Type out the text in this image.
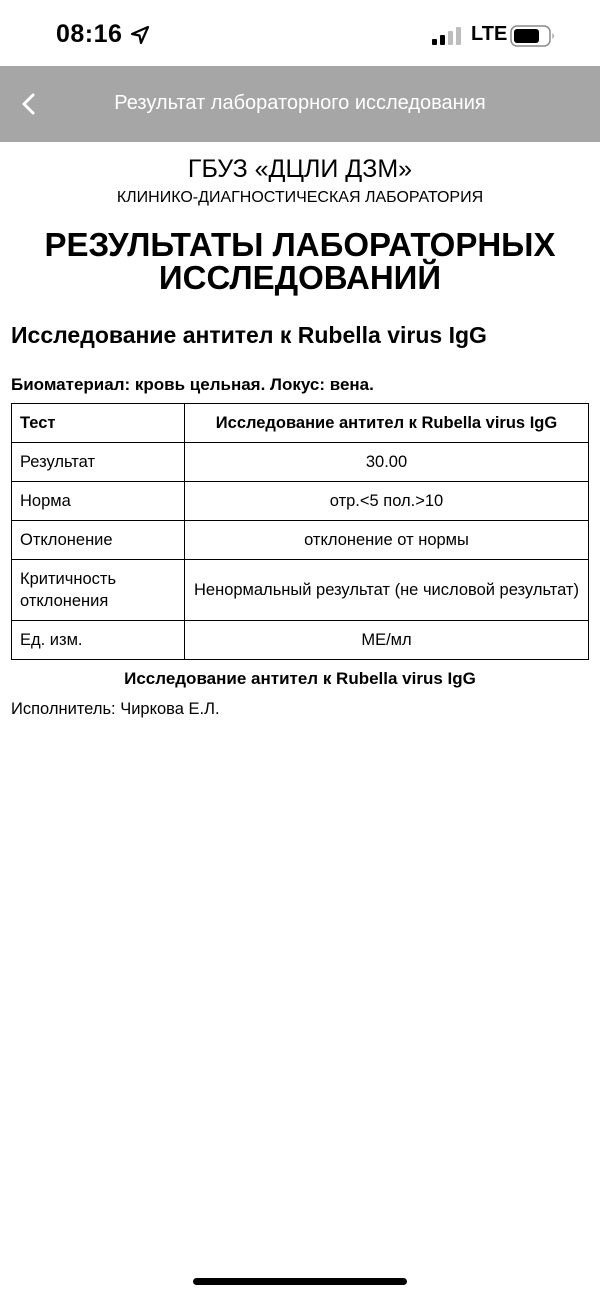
08:16	LTE
Результат лабораторного исследования
ГБУЗ «ДЦЛИ ДЗМ»
КЛИНИКО-ДИАГНОСТИЧЕСКАЯ ЛАБОРАТОРИЯ
РЕЗУЛЬТАТЫ ЛАБОРАТОРНЫХ
ИССЛЕДОВАНИЙ
Исследование антител к Rubella virus IgG
Биоматериал: кровь цельная. Локус: вена.
Тест	Исследование антител к Rubella virus IgG
Результат	30.00
Норма	отр.<5 пол.>10
Отклонение	отклонение от нормы
Критичность отклонения	Ненормальный результат (не числовой результат)
Ед. изм.	МЕ/мл
Исследование антител к Rubella virus IgG
Исполнитель: Чиркова Е.Л.
